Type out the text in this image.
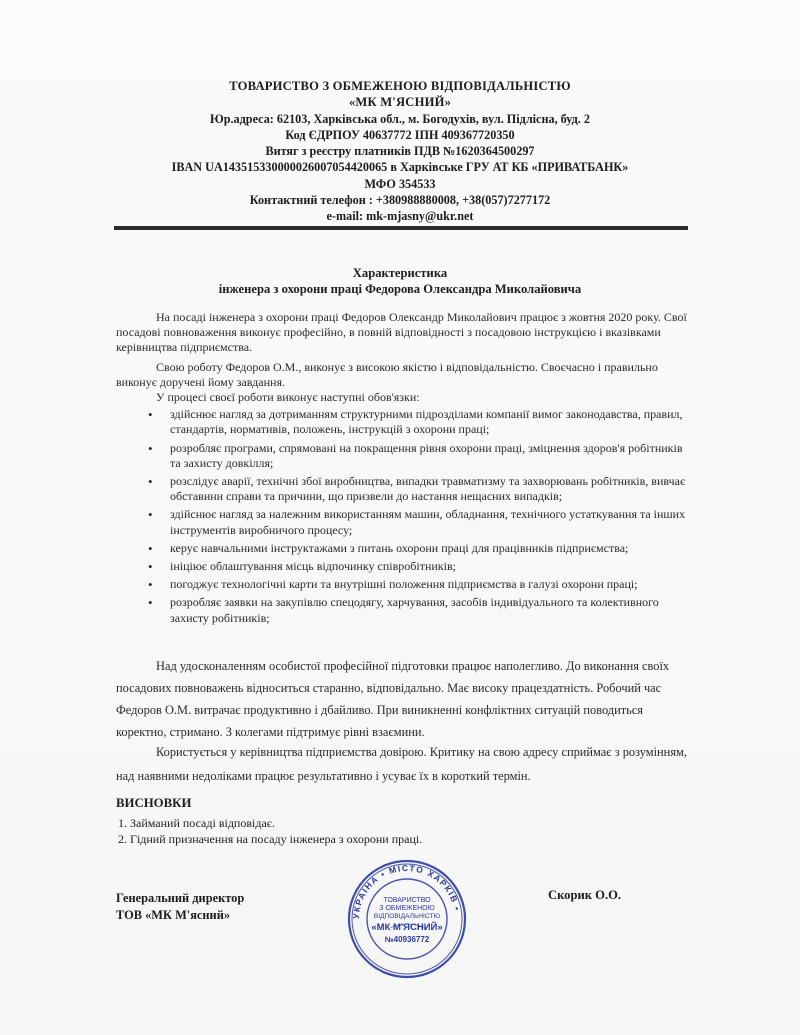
ТОВАРИСТВО З ОБМЕЖЕНОЮ ВІДПОВІДАЛЬНІСТЮ
«МК М'ЯСНИЙ»
Юр.адреса: 62103, Харківська обл., м. Богодухів, вул. Підлісна, буд. 2
Код ЄДРПОУ 40637772 ІПН 409367720350
Витяг з реєстру платників ПДВ №1620364500297
IBAN UA143515330000026007054420065 в Харківське ГРУ АТ КБ «ПРИВАТБАНК»
МФО 354533
Контактний телефон : +380988880008, +38(057)7277172
e-mail: mk-mjasny@ukr.net
Характеристика
інженера з охорони праці Федорова Олександра Миколайовича
На посаді інженера з охорони праці Федоров Олександр Миколайович працює з жовтня 2020 року. Свої посадові повноваження виконує професійно, в повній відповідності з посадовою інструкцією і вказівками керівництва підприємства.
Свою роботу Федоров О.М., виконує з високою якістю і відповідальністю. Своєчасно і правильно виконує доручені йому завдання.
У процесі своєї роботи виконує наступні обов'язки:
• здійснює нагляд за дотриманням структурними підрозділами компанії вимог законодавства, правил, стандартів, нормативів, положень, інструкцій з охорони праці;
• розробляє програми, спрямовані на покращення рівня охорони праці, зміцнення здоров'я робітників та захисту довкілля;
• розслідує аварії, технічні збої виробництва, випадки травматизму та захворювань робітників, вивчає обставини справи та причини, що призвели до настання нещасних випадків;
• здійснює нагляд за належним використанням машин, обладнання, технічного устаткування та інших інструментів виробничого процесу;
• керує навчальними інструктажами з питань охорони праці для працівників підприємства;
• ініціює облаштування місць відпочинку співробітників;
• погоджує технологічні карти та внутрішні положення підприємства в галузі охорони праці;
• розробляє заявки на закупівлю спецодягу, харчування, засобів індивідуального та колективного захисту робітників;
Над удосконаленням особистої професійної підготовки працює наполегливо. До виконання своїх посадових повноважень відноситься старанно, відповідально. Має високу працездатність. Робочий час Федоров О.М. витрачає продуктивно і дбайливо. При виникненні конфліктних ситуацій поводиться коректно, стримано. З колегами підтримує рівні взаємини.
Користується у керівництва підприємства довірою. Критику на свою адресу сприймає з розумінням, над наявними недоліками працює результативно і усуває їх в короткий термін.
ВИСНОВКИ
1. Займаний посаді відповідає.
2. Гідний призначення на посаду інженера з охорони праці.
Генеральний директор
ТОВ «МК М'ясний»	УКРАЇНА • МІСТО ХАРКІВ •
ТОВАРИСТВО
З ОБМЕЖЕНОЮ
ВІДПОВІДАЛЬНІСТЮ
«МК М'ЯСНИЙ»
№40936772
Скорик О.О.
